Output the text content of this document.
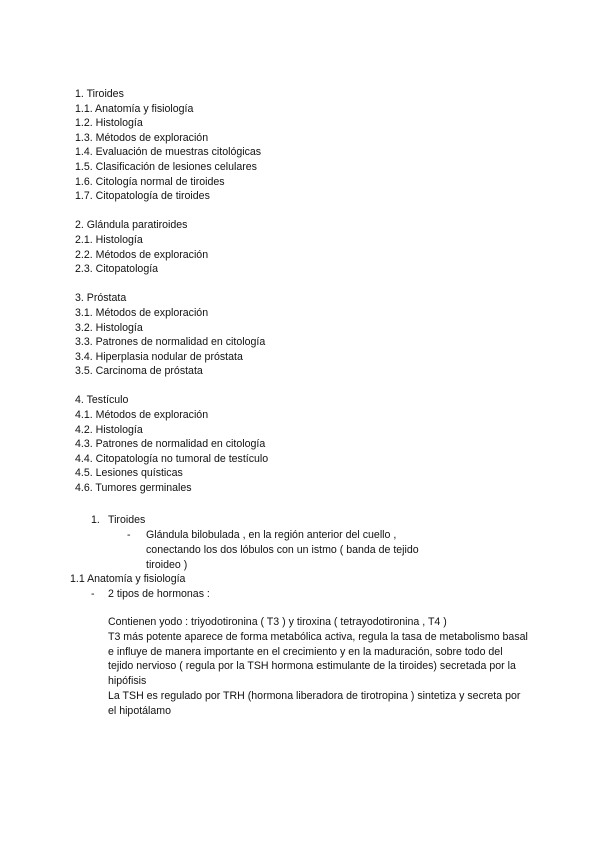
1. Tiroides
1.1. Anatomía y fisiología
1.2. Histología
1.3. Métodos de exploración
1.4. Evaluación de muestras citológicas
1.5. Clasificación de lesiones celulares
1.6. Citología normal de tiroides
1.7. Citopatología de tiroides
2. Glándula paratiroides
2.1. Histología
2.2. Métodos de exploración
2.3. Citopatología
3. Próstata
3.1. Métodos de exploración
3.2. Histología
3.3. Patrones de normalidad en citología
3.4. Hiperplasia nodular de próstata
3.5. Carcinoma de próstata
4. Testículo
4.1. Métodos de exploración
4.2. Histología
4.3. Patrones de normalidad en citología
4.4. Citopatología no tumoral de testículo
4.5. Lesiones quísticas
4.6. Tumores germinales
1. Tiroides
- Glándula bilobulada , en la región anterior del cuello , conectando los dos lóbulos con un istmo ( banda de tejido tiroideo )
1.1 Anatomía y fisiología
- 2 tipos de hormonas :

Contienen yodo : triyodotironina ( T3 ) y tiroxina ( tetrayodotironina , T4 )

T3 más potente aparece de forma metabólica activa, regula la tasa de metabolismo basal e influye de manera importante en el crecimiento y en la maduración, sobre todo del tejido nervioso ( regula por la TSH hormona estimulante de la tiroides) secretada por la hipófisis

La TSH es regulado por TRH (hormona liberadora de tirotropina ) sintetiza y secreta por el hipotálamo
